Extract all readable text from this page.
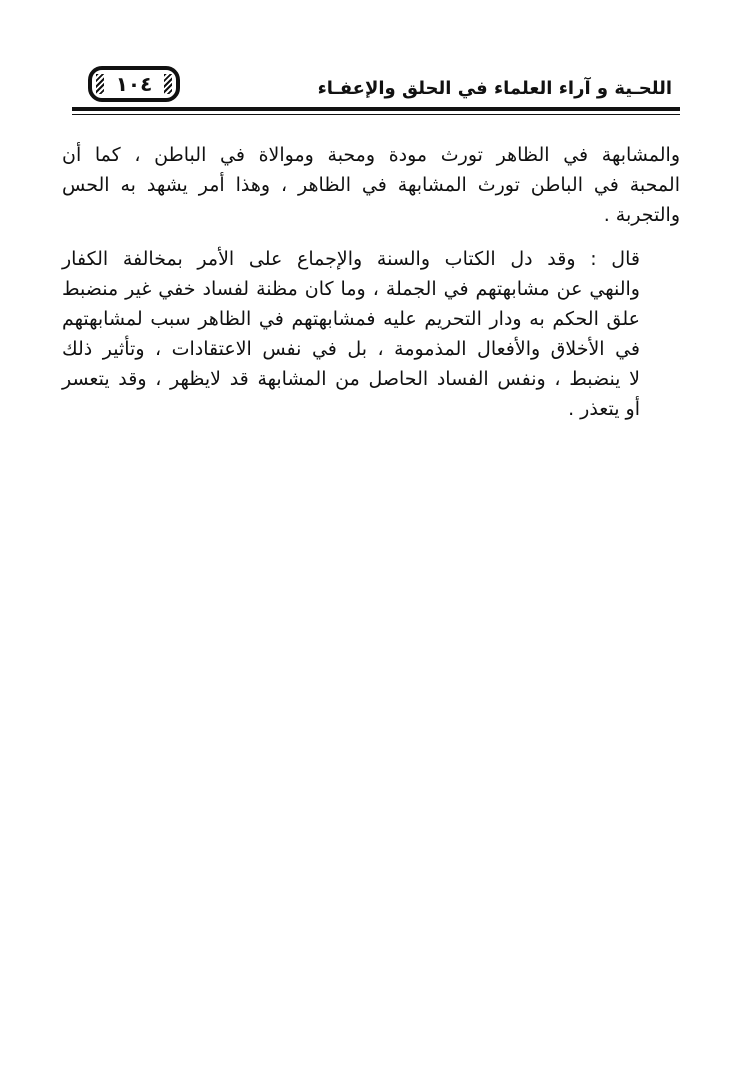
١٠٤	اللحـية و آراء العلماء في الحلق والإعفـاء

والمشابهة في الظاهر تورث مودة ومحبة وموالاة في الباطن ، كما أن
المحبة في الباطن تورث المشابهة في الظاهر ، وهذا أمر يشهد به الحس
والتجربة .

قال : وقد دل الكتاب والسنة والإجماع على الأمر بمخالفة الكفار
والنهي عن مشابهتهم في الجملة ، وما كان مظنة لفساد خفي غير منضبط
علق الحكم به ودار التحريم عليه فمشابهتهم في الظاهر سبب لمشابهتهم
في الأخلاق والأفعال المذمومة ، بل في نفس الاعتقادات ، وتأثير ذلك
لا ينضبط ، ونفس الفساد الحاصل من المشابهة قد لايظهر ، وقد يتعسر
أو يتعذر .
